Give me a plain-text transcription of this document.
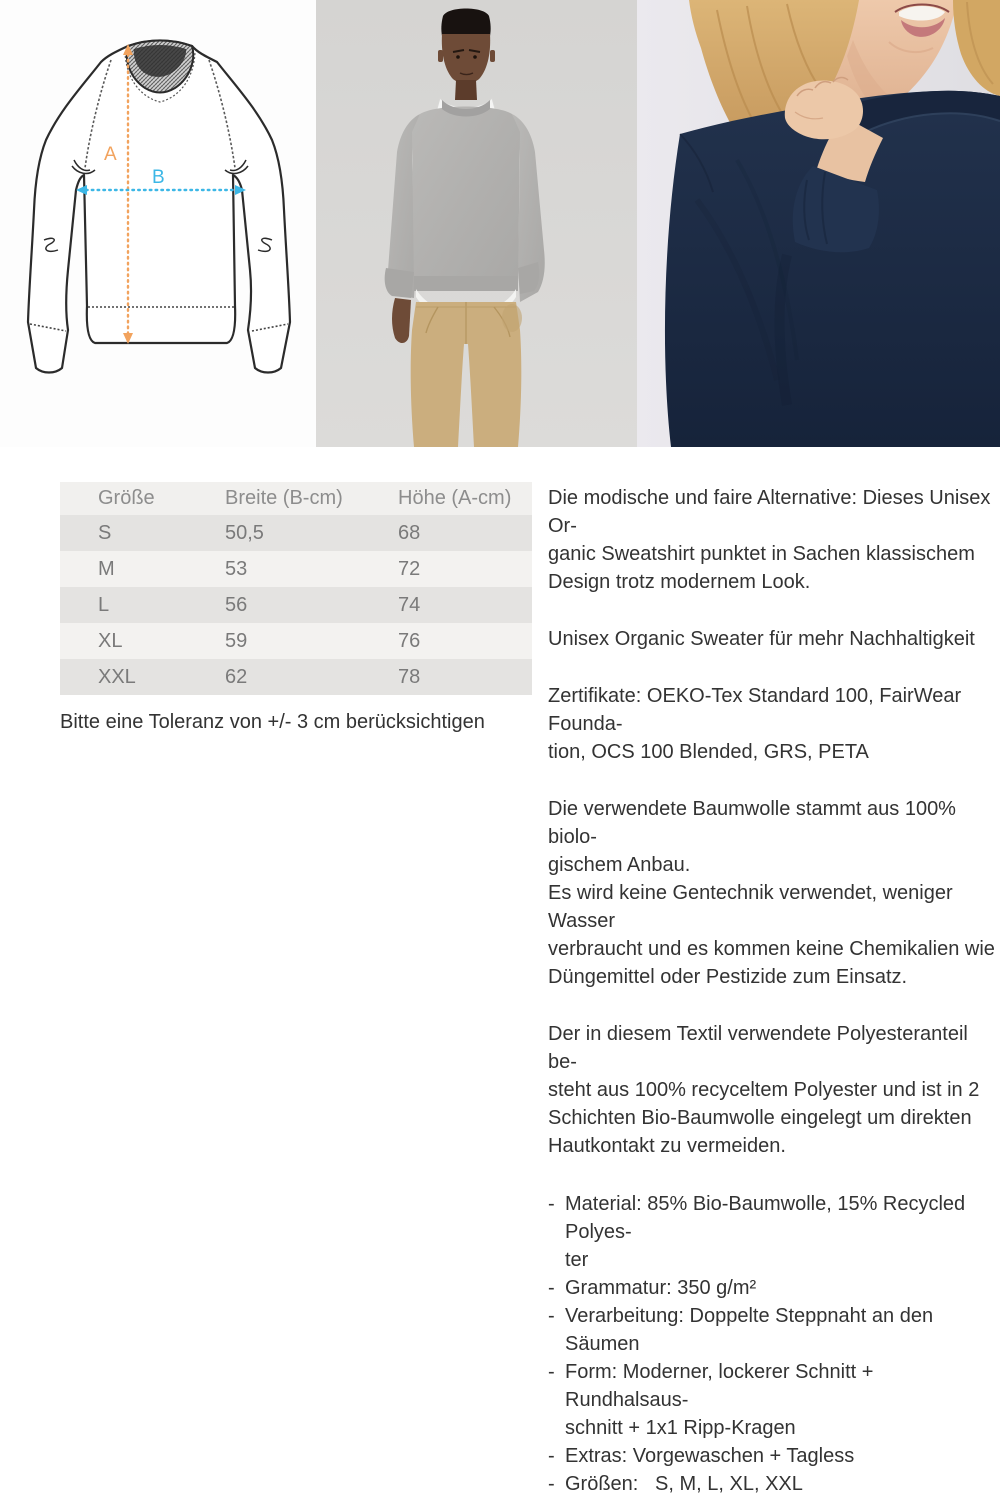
A
B
Größe	Breite (B-cm)	Höhe (A-cm)
S	50,5	68
M	53	72
L	56	74
XL	59	76
XXL	62	78
Bitte eine Toleranz von +/- 3 cm berücksichtigen
Die modische und faire Alternative: Dieses Unisex Or-
ganic Sweatshirt punktet in Sachen klassischem
Design trotz modernem Look.
Unisex Organic Sweater für mehr Nachhaltigkeit
Zertifikate: OEKO-Tex Standard 100, FairWear Founda-
tion, OCS 100 Blended, GRS, PETA
Die verwendete Baumwolle stammt aus 100% biolo-
gischem Anbau.
Es wird keine Gentechnik verwendet, weniger Wasser
verbraucht und es kommen keine Chemikalien wie
Düngemittel oder Pestizide zum Einsatz.
Der in diesem Textil verwendete Polyesteranteil be-
steht aus 100% recyceltem Polyester und ist in 2
Schichten Bio-Baumwolle eingelegt um direkten
Hautkontakt zu vermeiden.
- Material: 85% Bio-Baumwolle, 15% Recycled Polyes-
ter
- Grammatur: 350 g/m²
- Verarbeitung: Doppelte Steppnaht an den Säumen
- Form: Moderner, lockerer Schnitt + Rundhalsaus-
schnitt + 1x1 Ripp-Kragen
- Extras: Vorgewaschen + Tagless
- Größen:   S, M, L, XL, XXL
